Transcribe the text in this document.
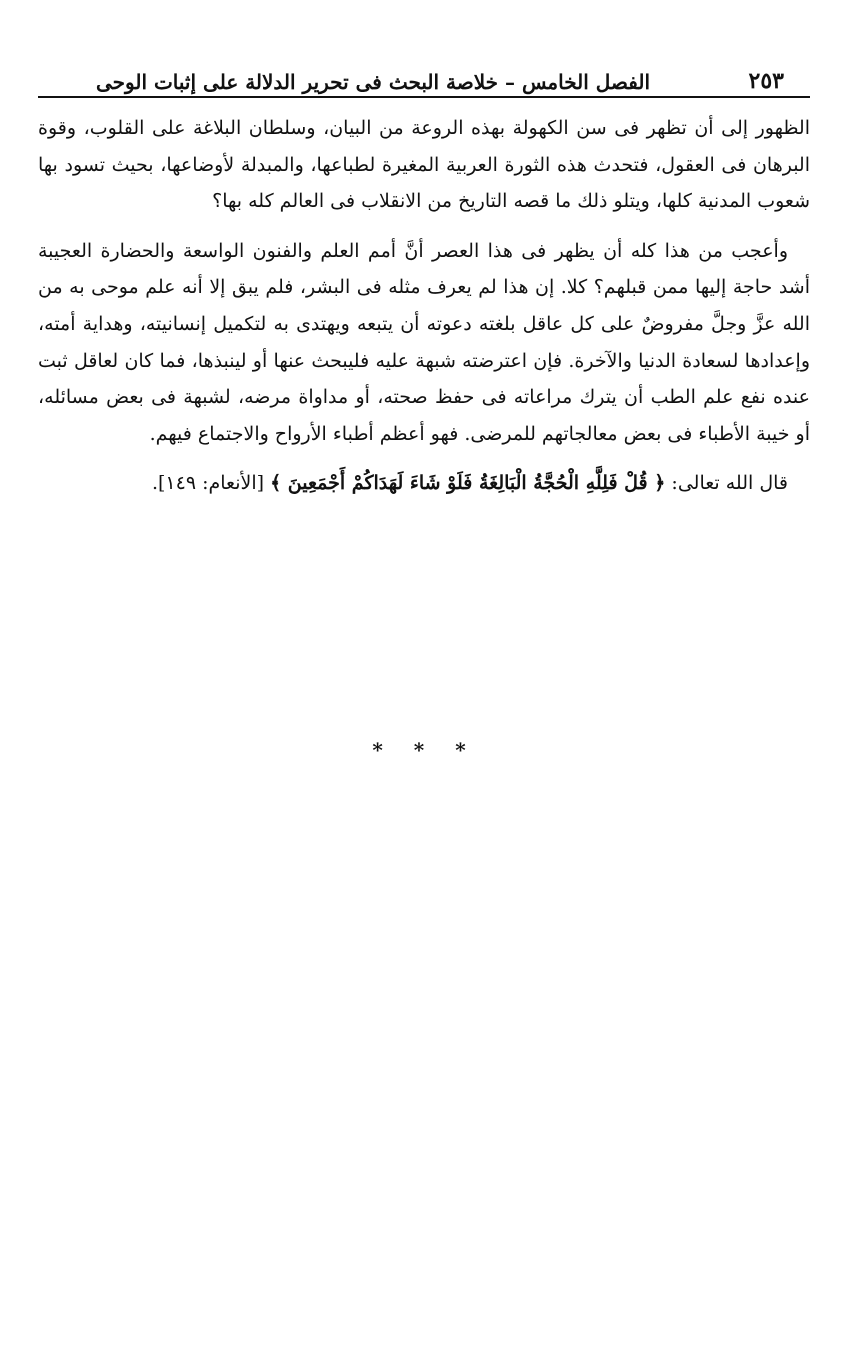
٢٥٣
الفصل الخامس – خلاصة البحث فى تحرير الدلالة على إثبات الوحى

الظهور إلى أن تظهر فى سن الكهولة بهذه الروعة من البيان، وسلطان البلاغة على القلوب، وقوة البرهان فى العقول، فتحدث هذه الثورة العربية المغيرة لطباعها، والمبدلة لأوضاعها، بحيث تسود بها شعوب المدنية كلها، ويتلو ذلك ما قصه التاريخ من الانقلاب فى العالم كله بها؟

وأعجب من هذا كله أن يظهر فى هذا العصر أنَّ أمم العلم والفنون الواسعة والحضارة العجيبة أشد حاجة إليها ممن قبلهم؟ كلا. إن هذا لم يعرف مثله فى البشر، فلم يبق إلا أنه علم موحى به من الله عزَّ وجلَّ مفروضٌ على كل عاقل بلغته دعوته أن يتبعه ويهتدى به لتكميل إنسانيته، وهداية أمته، وإعدادها لسعادة الدنيا والآخرة. فإن اعترضته شبهة عليه فليبحث عنها أو لينبذها، فما كان لعاقل ثبت عنده نفع علم الطب أن يترك مراعاته فى حفظ صحته، أو مداواة مرضه، لشبهة فى بعض مسائله، أو خيبة الأطباء فى بعض معالجاتهم للمرضى. فهو أعظم أطباء الأرواح والاجتماع فيهم.

قال الله تعالى: ﴿ قُلْ فَلِلَّهِ الْحُجَّةُ الْبَالِغَةُ فَلَوْ شَاءَ لَهَدَاكُمْ أَجْمَعِينَ ﴾ [الأنعام: ١٤٩].

* * *
